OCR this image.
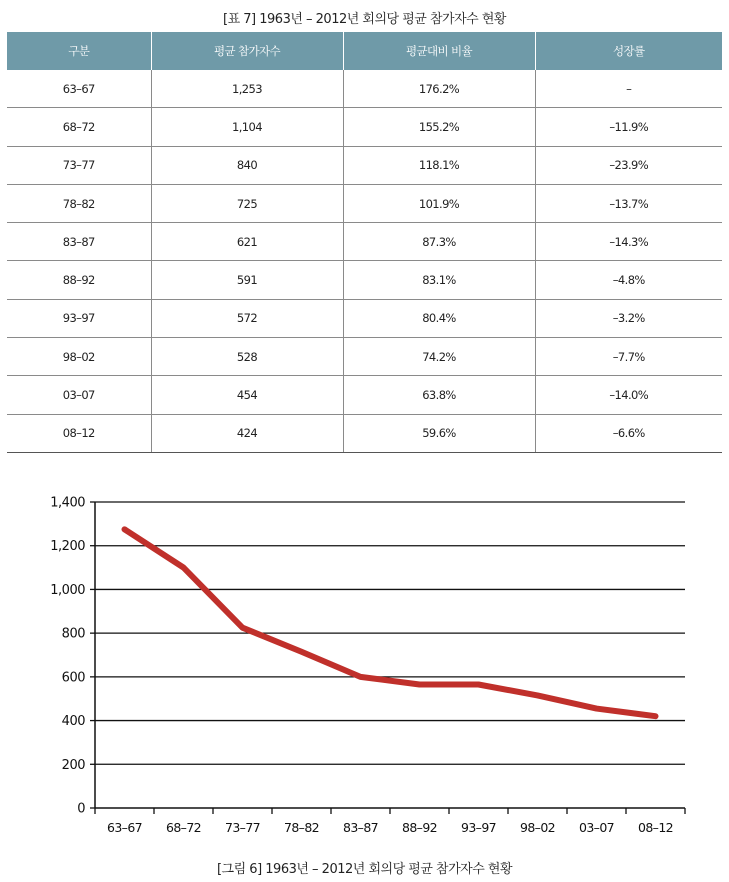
[표 7] 1963년 – 2012년 회의당 평균 참가자수 현황
구분	평균 참가자수	평균대비 비율	성장률
63–67	1,253	176.2%	–
68–72	1,104	155.2%	–11.9%
73–77	840	118.1%	–23.9%
78–82	725	101.9%	–13.7%
83–87	621	87.3%	–14.3%
88–92	591	83.1%	–4.8%
93–97	572	80.4%	–3.2%
98–02	528	74.2%	–7.7%
03–07	454	63.8%	–14.0%
08–12	424	59.6%	–6.6%
0
200
400
600
800
1,000
1,200
1,400
63–67 68–72 73–77 78–82 83–87 88–92 93–97 98–02 03–07 08–12
[그림 6] 1963년 – 2012년 회의당 평균 참가자수 현황
